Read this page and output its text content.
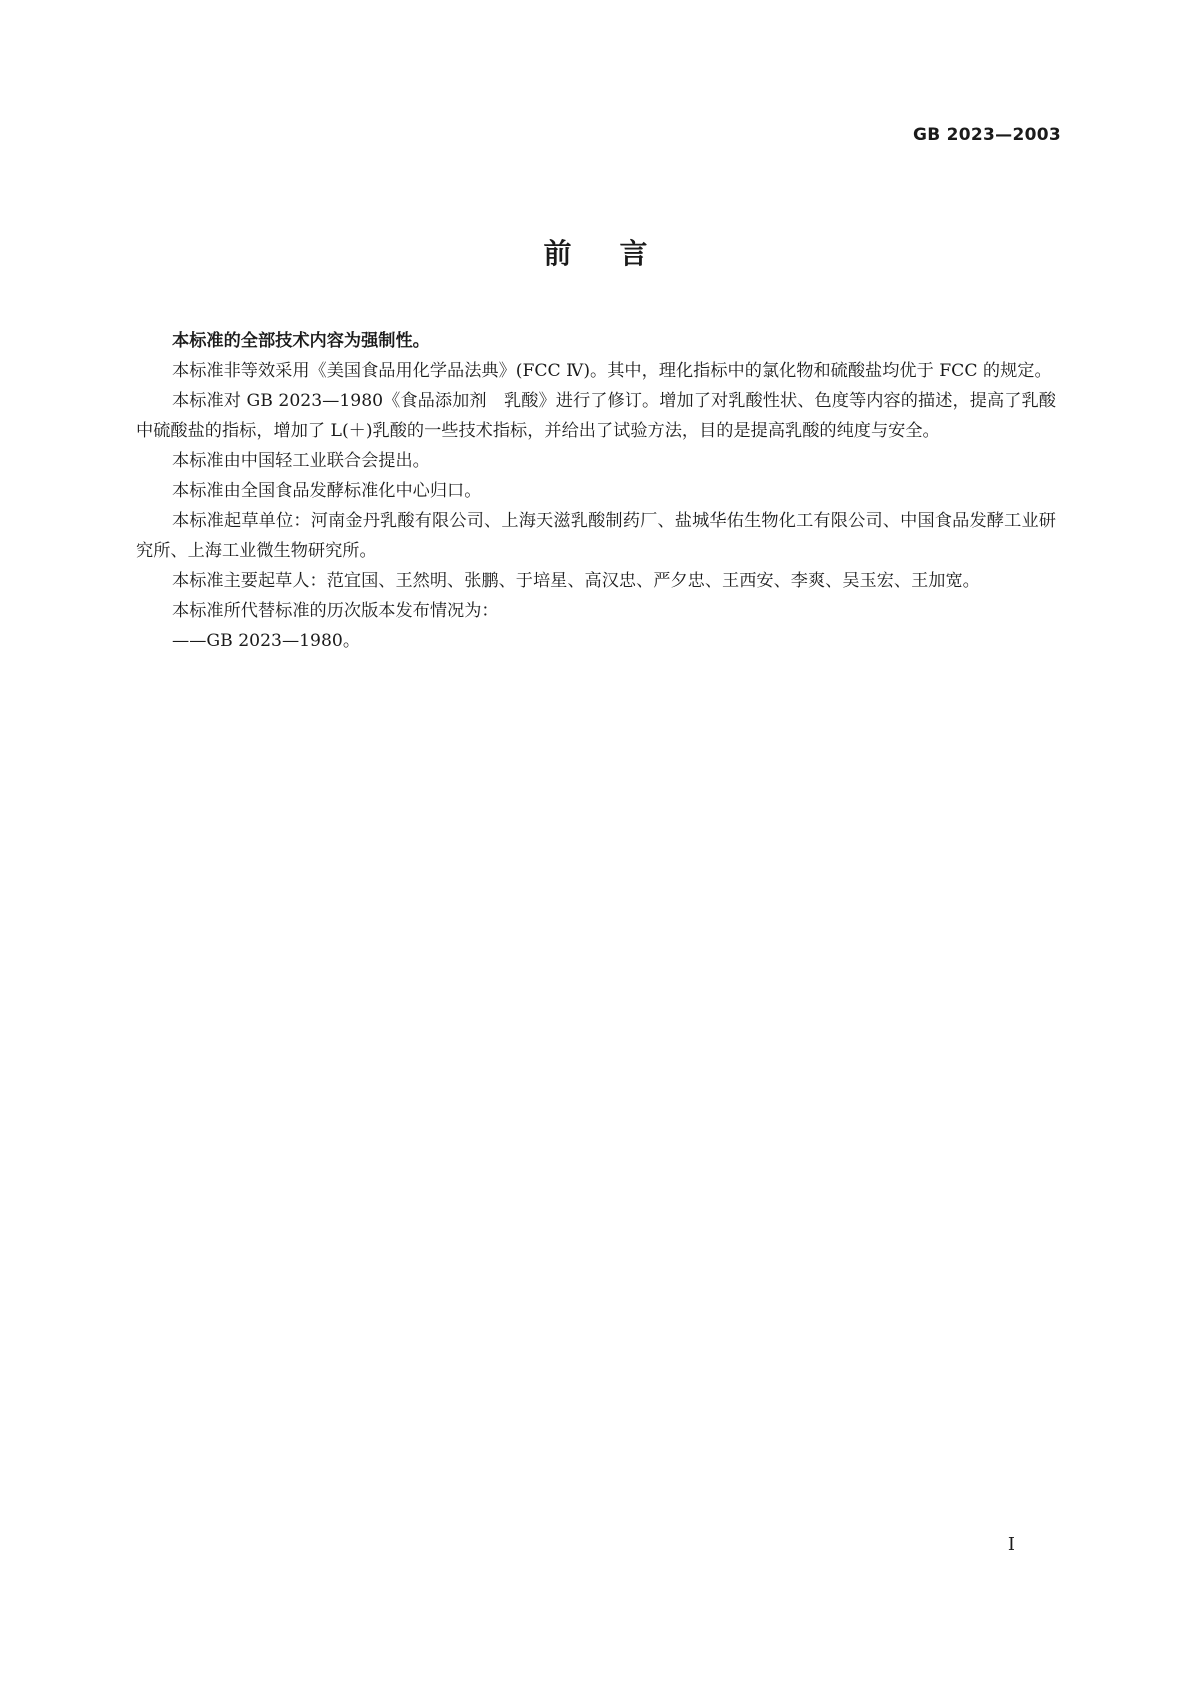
GB 2023—2003
前 言

本标准的全部技术内容为强制性。

本标准非等效采用《美国食品用化学品法典》(FCC Ⅳ)。其中，理化指标中的氯化物和硫酸盐均优于 FCC 的规定。

本标准对 GB 2023—1980《食品添加剂　乳酸》进行了修订。增加了对乳酸性状、色度等内容的描述，提高了乳酸中硫酸盐的指标，增加了 L(＋)乳酸的一些技术指标，并给出了试验方法，目的是提高乳酸的纯度与安全。

本标准由中国轻工业联合会提出。

本标准由全国食品发酵标准化中心归口。

本标准起草单位：河南金丹乳酸有限公司、上海天滋乳酸制药厂、盐城华佑生物化工有限公司、中国食品发酵工业研究所、上海工业微生物研究所。

本标准主要起草人：范宜国、王然明、张鹏、于培星、高汉忠、严夕忠、王西安、李爽、吴玉宏、王加宽。

本标准所代替标准的历次版本发布情况为：

——GB 2023—1980。

Ⅰ
